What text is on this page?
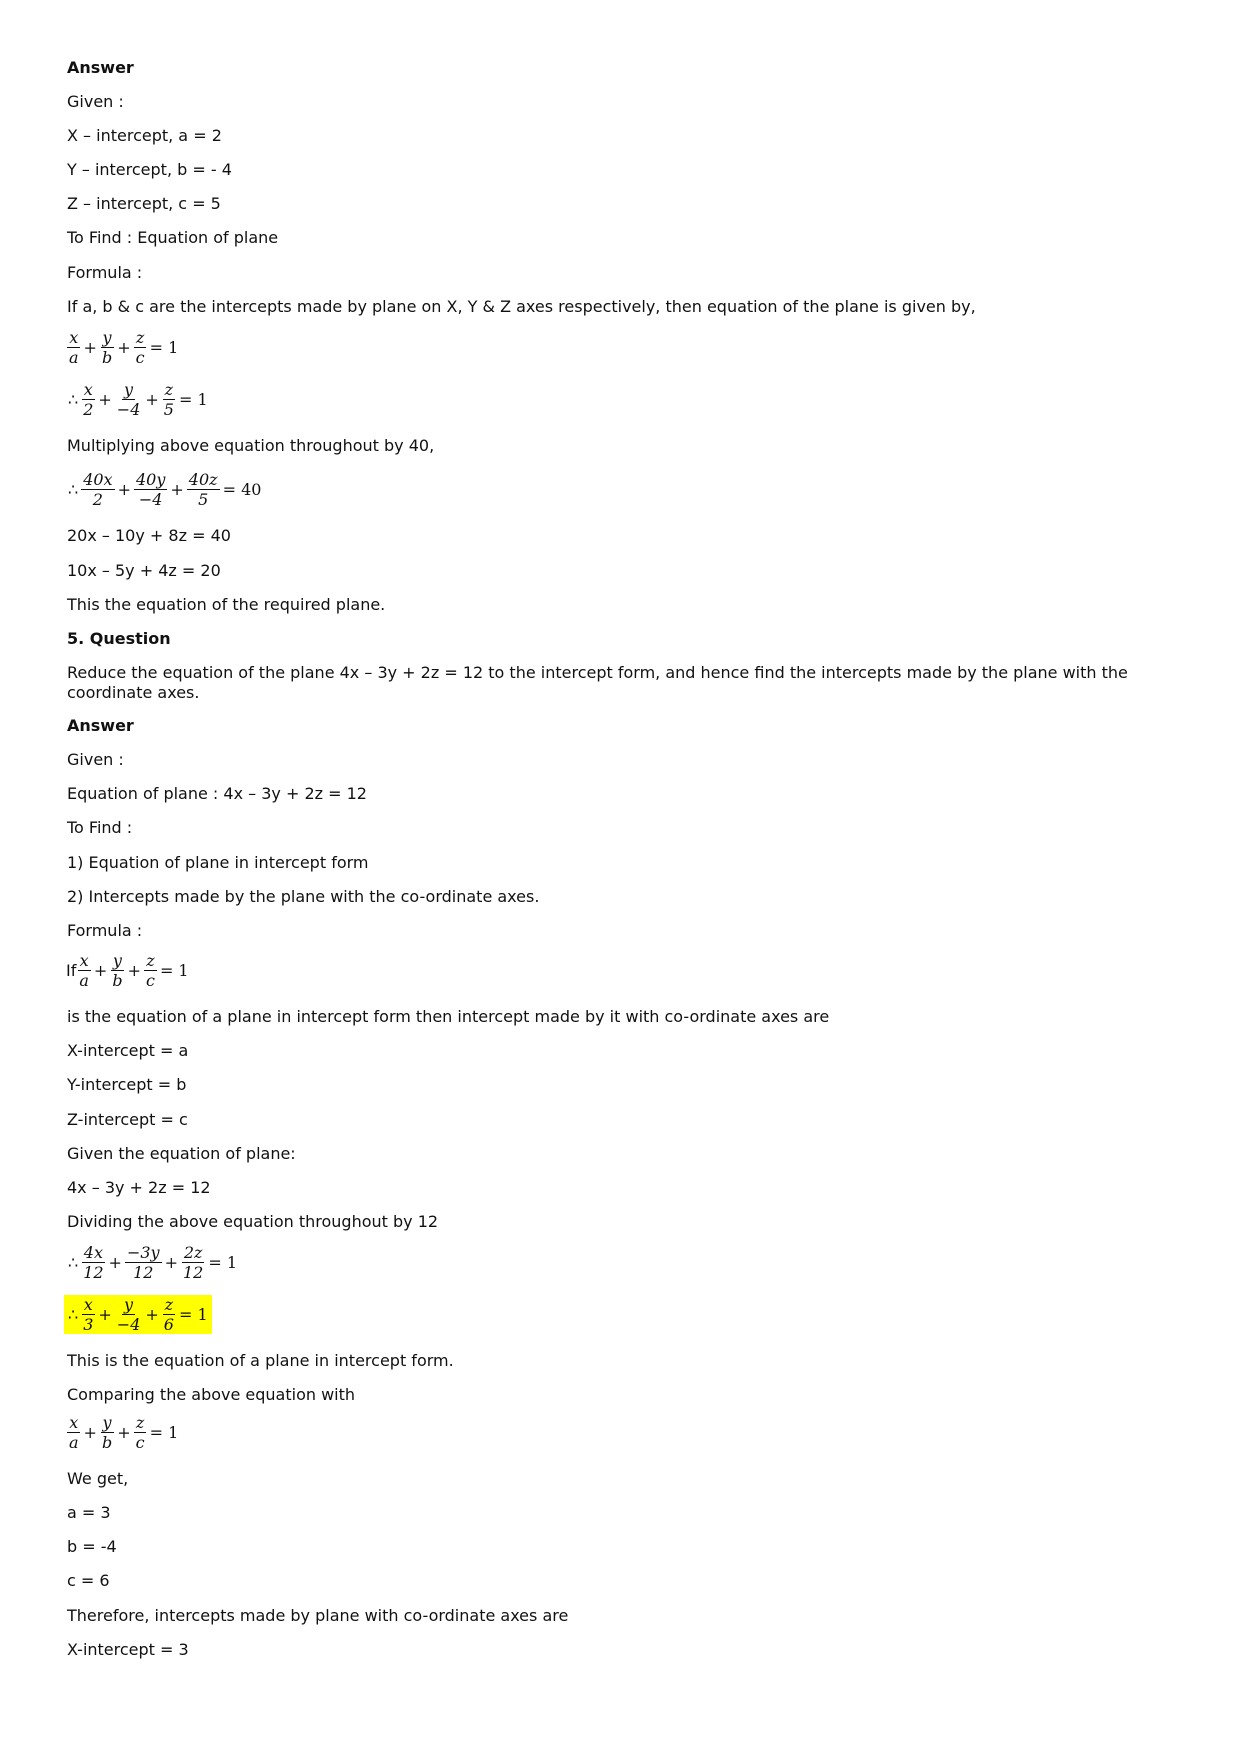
Answer
Given :
X – intercept, a = 2
Y – intercept, b = - 4
Z – intercept, c = 5
To Find : Equation of plane
Formula :
If a, b & c are the intercepts made by plane on X, Y & Z axes respectively, then equation of the plane is given by,
$\frac{x}{a} + \frac{y}{b} + \frac{z}{c} = 1$
∴ $\frac{x}{2} + \frac{y}{-4} + \frac{z}{5} = 1$
Multiplying above equation throughout by 40,
∴ $\frac{40x}{2} + \frac{40y}{-4} + \frac{40z}{5} = 40$
20x – 10y + 8z = 40
10x – 5y + 4z = 20
This the equation of the required plane.
5. Question
Reduce the equation of the plane 4x – 3y + 2z = 12 to the intercept form, and hence find the intercepts made by the plane with the coordinate axes.
Answer
Given :
Equation of plane : 4x – 3y + 2z = 12
To Find :
1) Equation of plane in intercept form
2) Intercepts made by the plane with the co-ordinate axes.
Formula :
If $\frac{x}{a} + \frac{y}{b} + \frac{z}{c} = 1$
is the equation of a plane in intercept form then intercept made by it with co-ordinate axes are
X-intercept = a
Y-intercept = b
Z-intercept = c
Given the equation of plane:
4x – 3y + 2z = 12
Dividing the above equation throughout by 12
∴ $\frac{4x}{12} + \frac{-3y}{12} + \frac{2z}{12} = 1$
∴ $\frac{x}{3} + \frac{y}{-4} + \frac{z}{6} = 1$
This is the equation of a plane in intercept form.
Comparing the above equation with
$\frac{x}{a} + \frac{y}{b} + \frac{z}{c} = 1$
We get,
a = 3
b = -4
c = 6
Therefore, intercepts made by plane with co-ordinate axes are
X-intercept = 3
